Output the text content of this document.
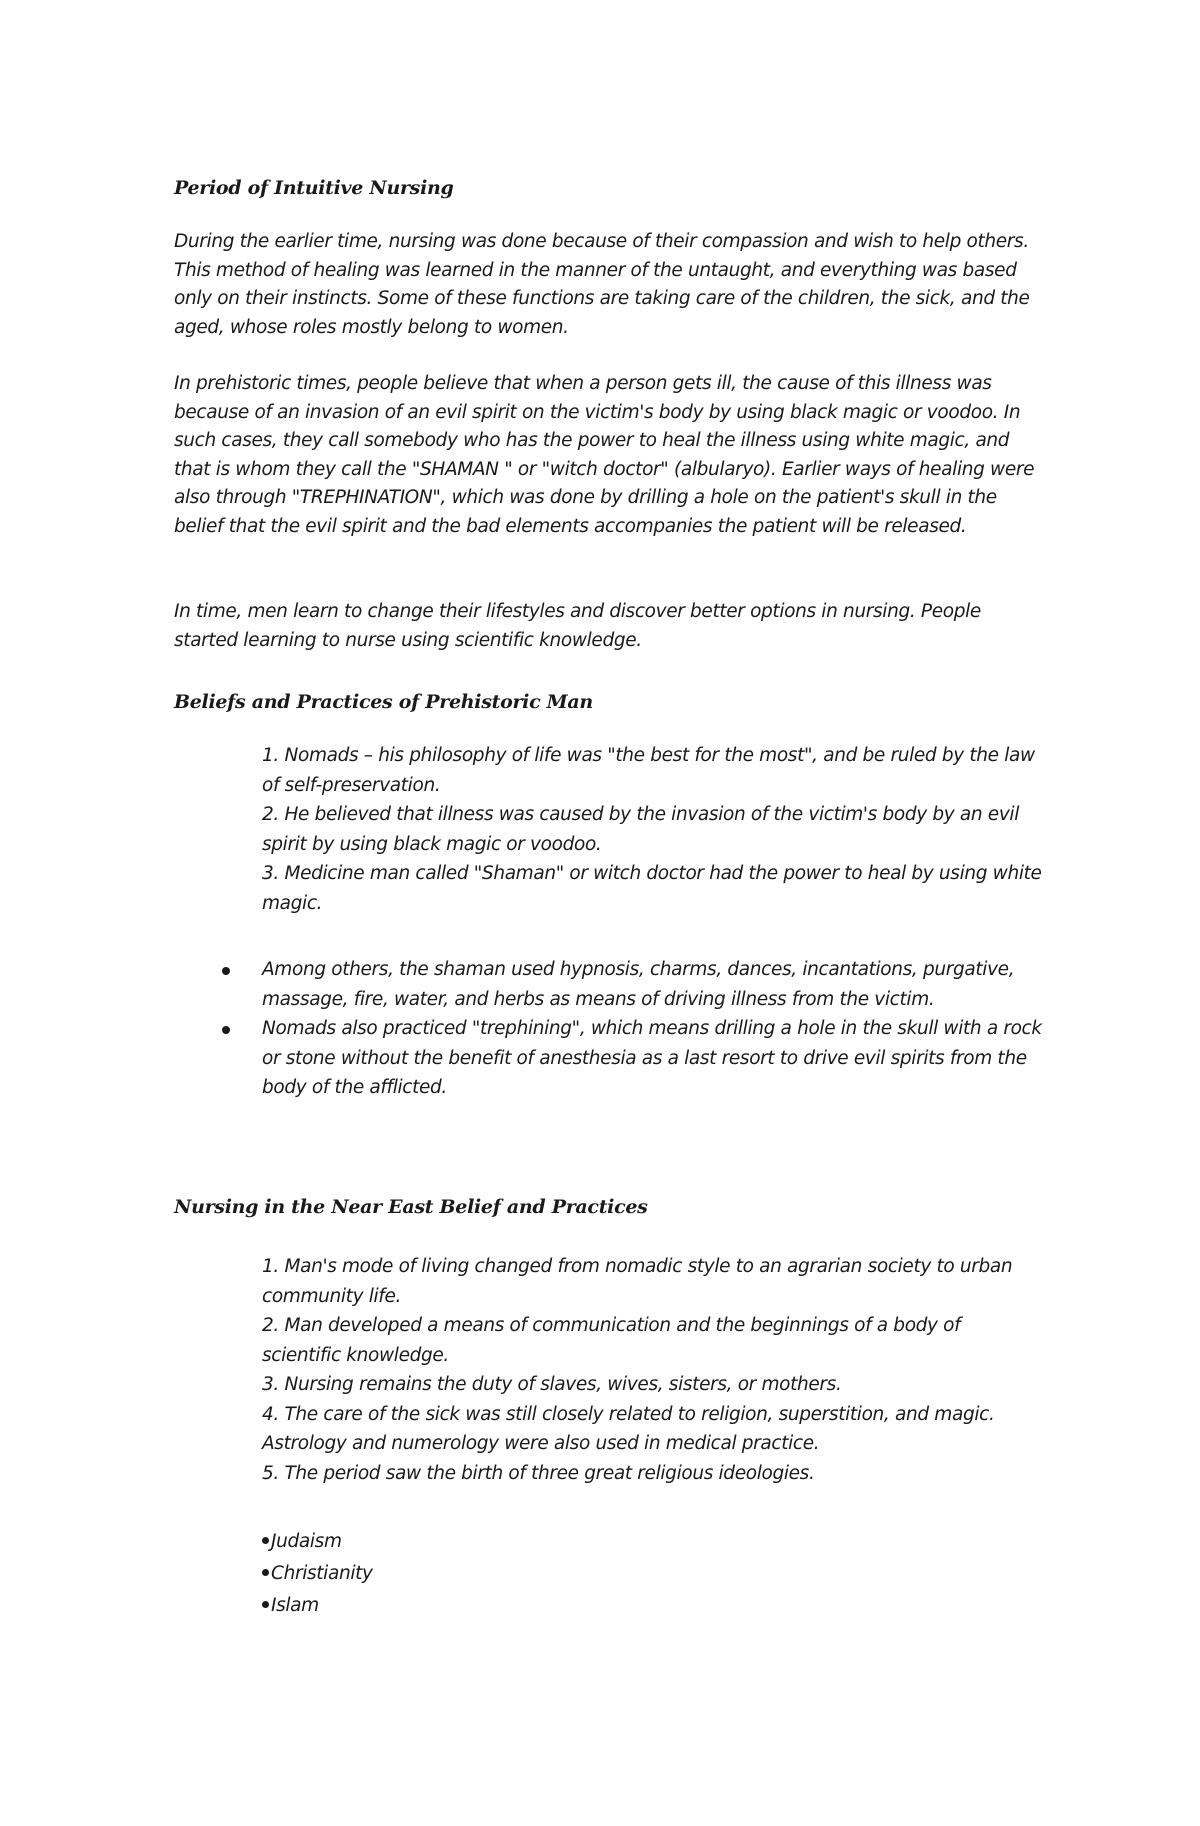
Period of Intuitive Nursing

During the earlier time, nursing was done because of their compassion and wish to help others. This method of healing was learned in the manner of the untaught, and everything was based only on their instincts. Some of these functions are taking care of the children, the sick, and the aged, whose roles mostly belong to women.

In prehistoric times, people believe that when a person gets ill, the cause of this illness was because of an invasion of an evil spirit on the victim's body by using black magic or voodoo. In such cases, they call somebody who has the power to heal the illness using white magic, and that is whom they call the "SHAMAN " or "witch doctor" (albularyo). Earlier ways of healing were also through "TREPHINATION", which was done by drilling a hole on the patient's skull in the belief that the evil spirit and the bad elements accompanies the patient will be released.

In time, men learn to change their lifestyles and discover better options in nursing. People started learning to nurse using scientific knowledge.

Beliefs and Practices of Prehistoric Man
1. Nomads – his philosophy of life was "the best for the most", and be ruled by the law of self-preservation.
2. He believed that illness was caused by the invasion of the victim's body by an evil spirit by using black magic or voodoo.
3. Medicine man called "Shaman" or witch doctor had the power to heal by using white magic.

Among others, the shaman used hypnosis, charms, dances, incantations, purgative,

massage, fire, water, and herbs as means of driving illness from the victim.

Nomads also practiced "trephining", which means drilling a hole in the skull with a rock or stone without the benefit of anesthesia as a last resort to drive evil spirits from the body of the afflicted.

Nursing in the Near East Belief and Practices
1. Man's mode of living changed from nomadic style to an agrarian society to urban community life.
2. Man developed a means of communication and the beginnings of a body of scientific knowledge.
3. Nursing remains the duty of slaves, wives, sisters, or mothers.
4. The care of the sick was still closely related to religion, superstition, and magic. Astrology and numerology were also used in medical practice.
5. The period saw the birth of three great religious ideologies.
Judaism
Christianity
Islam
